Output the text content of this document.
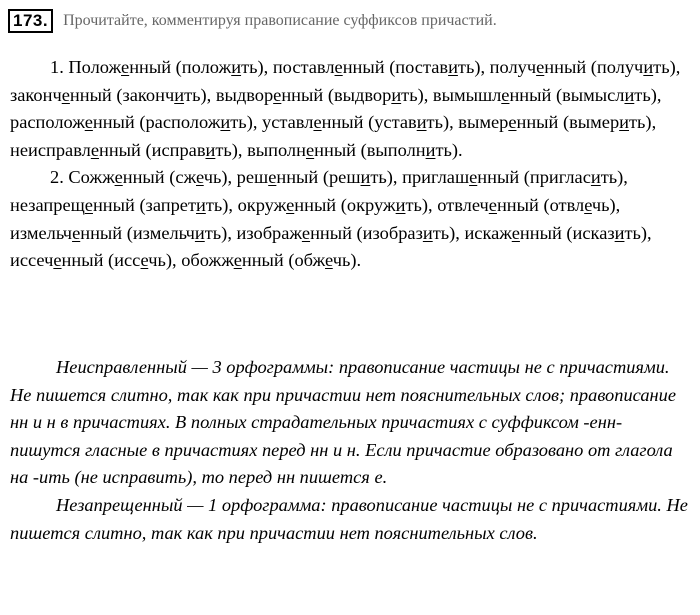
173. Прочитайте, комментируя правописание суффиксов причастий.

1. Положенный (положить), поставленный (поставить), полученный (получить), законченный (закончить), выдворенный (выдворить), вымышленный (вымыслить), расположенный (расположить), уставленный (уставить), вымеренный (вымерить), неисправленный (исправить), выполненный (выполнить).

2. Сожженный (сжечь), решенный (решить), приглашенный (пригласить), незапрещенный (запретить), окруженный (окружить), отвлеченный (отвлечь), измельченный (измельчить), изображенный (изобразить), искаженный (исказить), иссеченный (иссечь), обожженный (обжечь).

Неисправленный — 3 орфограммы: правописание частицы не с причастиями. Не пишется слитно, так как при причастии нет пояснительных слов; правописание нн и н в причастиях. В полных страдательных причастиях с суффиксом -енн- пишутся гласные в причастиях перед нн и н. Если причастие образовано от глагола на -ить (не исправить), то перед нн пишется е.

Незапрещенный — 1 орфограмма: правописание частицы не с причастиями. Не пишется слитно, так как при причастии нет пояснительных слов.
